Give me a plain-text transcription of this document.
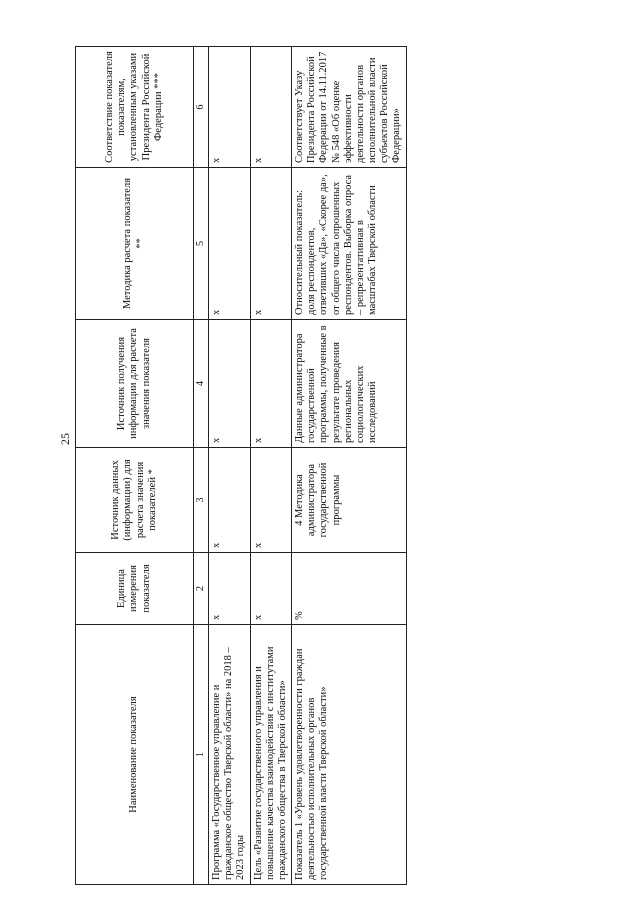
25
Наименование показателя	Единица измерения показателя	Источник данных (информации) для расчета значения показателей *	Источник получения информации для расчета значения показателя	Методика расчета показателя **	Соответствие показателя показателям, установленным указами Президента Российской Федерации ***
1	2	3	4	5	6
Программа «Государственное управление и гражданское общество Тверской области» на 2018 – 2023 годы	x	x	x	x	x
Цель «Развитие государственного управления и повышение качества взаимодействия с институтами гражданского общества в Тверской области»	x	x	x	x	x
Показатель 1 «Уровень удовлетворенности граждан деятельностью исполнительных органов государственной власти Тверской области»	%	4 Методика администратора государственной программы	Данные администратора государственной программы, полученные в результате проведения региональных социологических исследований	Относительный показатель: доля респондентов, ответивших «Да», «Скорее да», от общего числа опрошенных респондентов. Выборка опроса – репрезентативная в масштабах Тверской области	Соответствует Указу Президента Российской Федерации от 14.11.2017 № 548 «Об оценке эффективности деятельности органов исполнительной власти субъектов Российской Федерации»
